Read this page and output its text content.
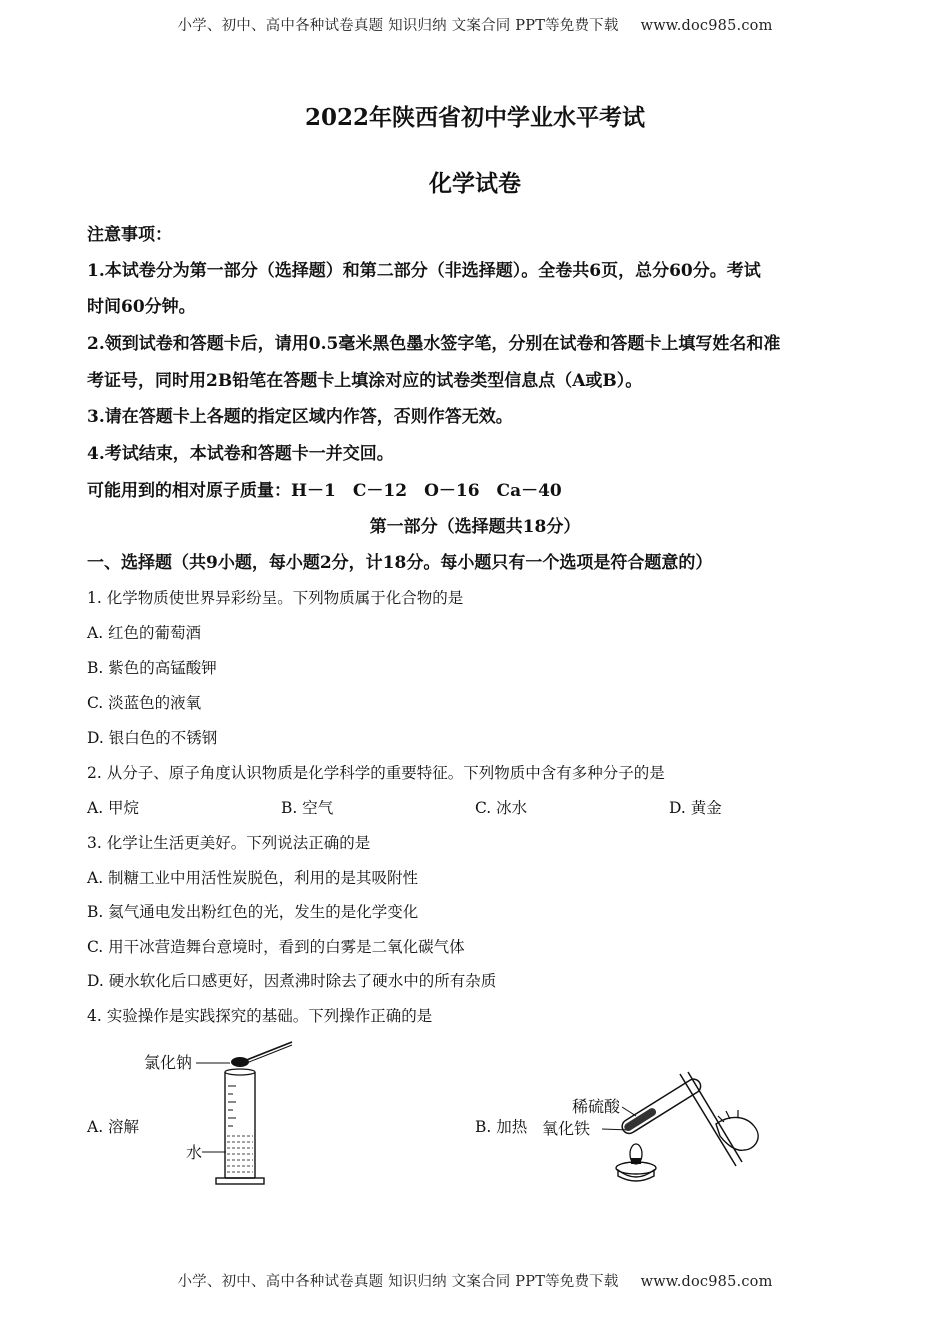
小学、初中、高中各种试卷真题 知识归纳 文案合同 PPT等免费下载 www.doc985.com
2022年陕西省初中学业水平考试
化学试卷
注意事项：
1.本试卷分为第一部分（选择题）和第二部分（非选择题）。全卷共6页，总分60分。考试
时间60分钟。
2.领到试卷和答题卡后，请用0.5毫米黑色墨水签字笔，分别在试卷和答题卡上填写姓名和准
考证号，同时用2B铅笔在答题卡上填涂对应的试卷类型信息点（A或B）。
3.请在答题卡上各题的指定区域内作答，否则作答无效。
4.考试结束，本试卷和答题卡一并交回。
可能用到的相对原子质量：H－1　C－12　O－16　Ca－40
第一部分（选择题共18分）
一、选择题（共9小题，每小题2分，计18分。每小题只有一个选项是符合题意的）
1. 化学物质使世界异彩纷呈。下列物质属于化合物的是
A. 红色的葡萄酒
B. 紫色的高锰酸钾
C. 淡蓝色的液氧
D. 银白色的不锈钢
2. 从分子、原子角度认识物质是化学科学的重要特征。下列物质中含有多种分子的是
A. 甲烷	B. 空气	C. 冰水	D. 黄金
3. 化学让生活更美好。下列说法正确的是
A. 制糖工业中用活性炭脱色，利用的是其吸附性
B. 氦气通电发出粉红色的光，发生的是化学变化
C. 用干冰营造舞台意境时，看到的白雾是二氧化碳气体
D. 硬水软化后口感更好，因煮沸时除去了硬水中的所有杂质
4. 实验操作是实践探究的基础。下列操作正确的是
A. 溶解	B. 加热
氯化钠
水
稀硫酸
氧化铁
小学、初中、高中各种试卷真题 知识归纳 文案合同 PPT等免费下载 www.doc985.com
